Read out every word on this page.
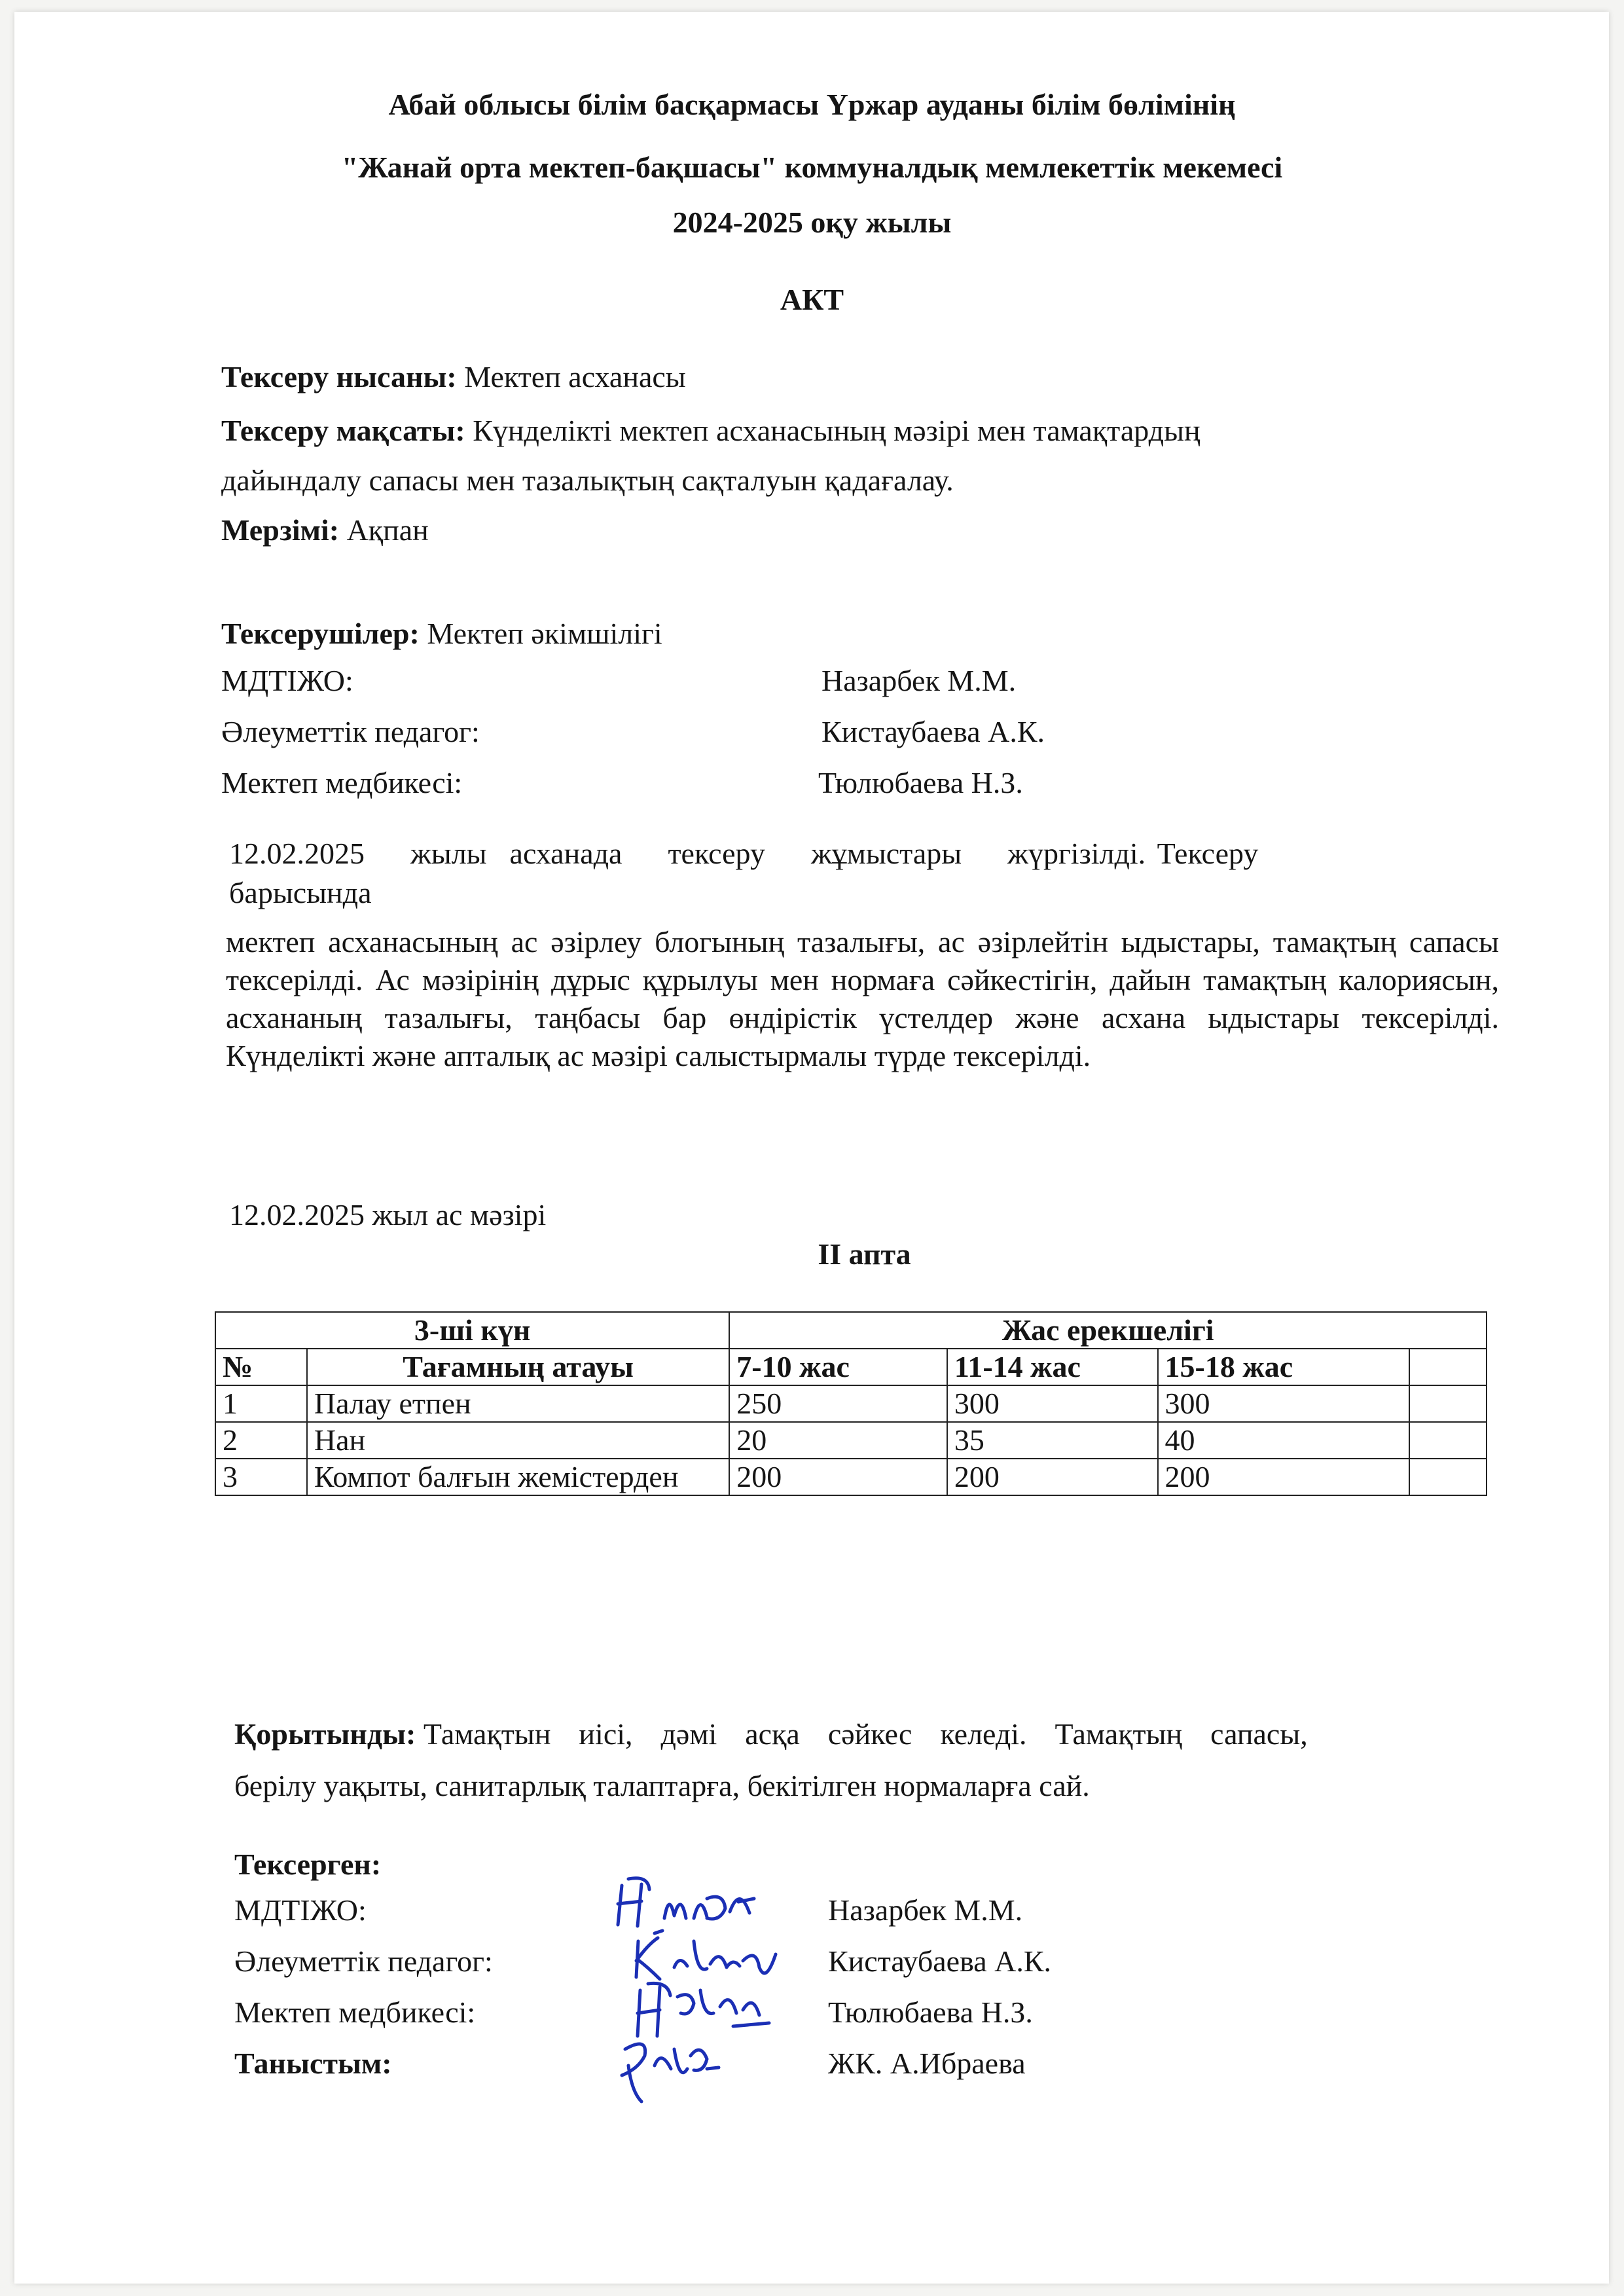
Абай облысы білім басқармасы Үржар ауданы білім бөлімінің
"Жанай орта мектеп-бақшасы" коммуналдық мемлекеттік мекемесі
2024-2025 оқу жылы
АКТ
Тексеру нысаны: Мектеп асханасы
Тексеру мақсаты: Күнделікті мектеп асханасының мәзірі мен тамақтардың
дайындалу сапасы мен тазалықтың сақталуын қадағалау.
Мерзімі: Ақпан
Тексерушілер: Мектеп әкімшілігі
МДТІЖО:	Назарбек М.М.
Әлеуметтік педагог:	Кистаубаева А.К.
Мектеп медбикесі:	Тюлюбаева Н.З.
12.02.2025    жылы  асханада    тексеру    жұмыстары    жүргізілді. Тексеру
барысында
мектеп асханасының ас әзірлеу блогының тазалығы, ас әзірлейтін ыдыстары, тамақтың сапасы тексерілді. Ас мәзірінің дұрыс құрылуы мен нормаға сәйкестігін, дайын тамақтың калориясын, асхананың тазалығы, таңбасы бар өндірістік үстелдер және асхана ыдыстары тексерілді. Күнделікті және апталық ас мәзірі салыстырмалы түрде тексерілді.
12.02.2025 жыл ас мәзірі
II апта
3-ші күн		Жас ерекшелігі			
№	Тағамның атауы	7-10 жас	11-14 жас	15-18 жас	
1	Палау етпен	250	300	300	
2	Нан	20	35	40	
3	Компот балғын жемістерден	200	200	200	
Қорытынды: Тамақтын  иісі,  дәмі  асқа  сәйкес  келеді.  Тамақтың  сапасы,
берілу уақыты, санитарлық талаптарға, бекітілген нормаларға сай.
Тексерген:
МДТІЖО:	Назарбек М.М.
Әлеуметтік педагог:	Кистаубаева А.К.
Мектеп медбикесі:	Тюлюбаева Н.З.
Таныстым:	ЖК. А.Ибраева
